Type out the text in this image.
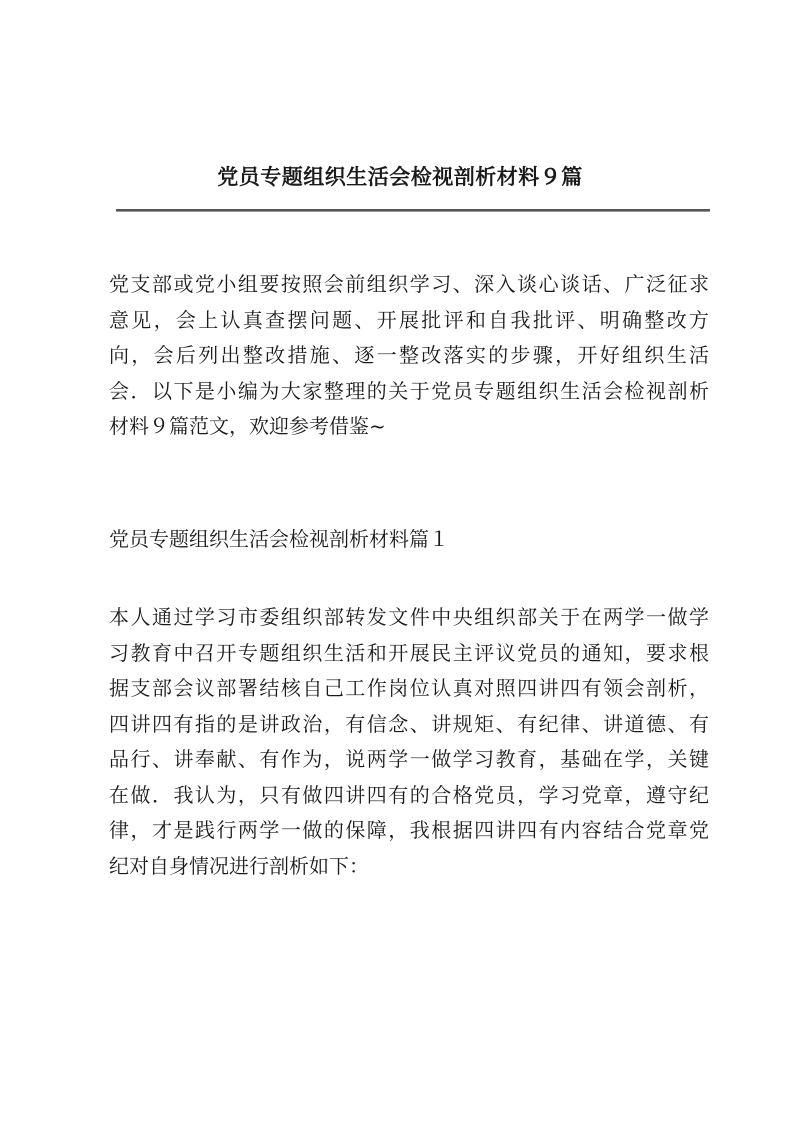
党员专题组织生活会检视剖析材料９篇
党支部或党小组要按照会前组织学习、深入谈心谈话、广泛征求
意见，会上认真查摆问题、开展批评和自我批评、明确整改方
向，会后列出整改措施、逐一整改落实的步骤，开好组织生活
会．以下是小编为大家整理的关于党员专题组织生活会检视剖析
材料９篇范文，欢迎参考借鉴~
党员专题组织生活会检视剖析材料篇１
本人通过学习市委组织部转发文件中央组织部关于在两学一做学
习教育中召开专题组织生活和开展民主评议党员的通知，要求根
据支部会议部署结核自己工作岗位认真对照四讲四有领会剖析，
四讲四有指的是讲政治，有信念、讲规矩、有纪律、讲道德、有
品行、讲奉献、有作为，说两学一做学习教育，基础在学，关键
在做．我认为，只有做四讲四有的合格党员，学习党章，遵守纪
律，才是践行两学一做的保障，我根据四讲四有内容结合党章党
纪对自身情况进行剖析如下：
